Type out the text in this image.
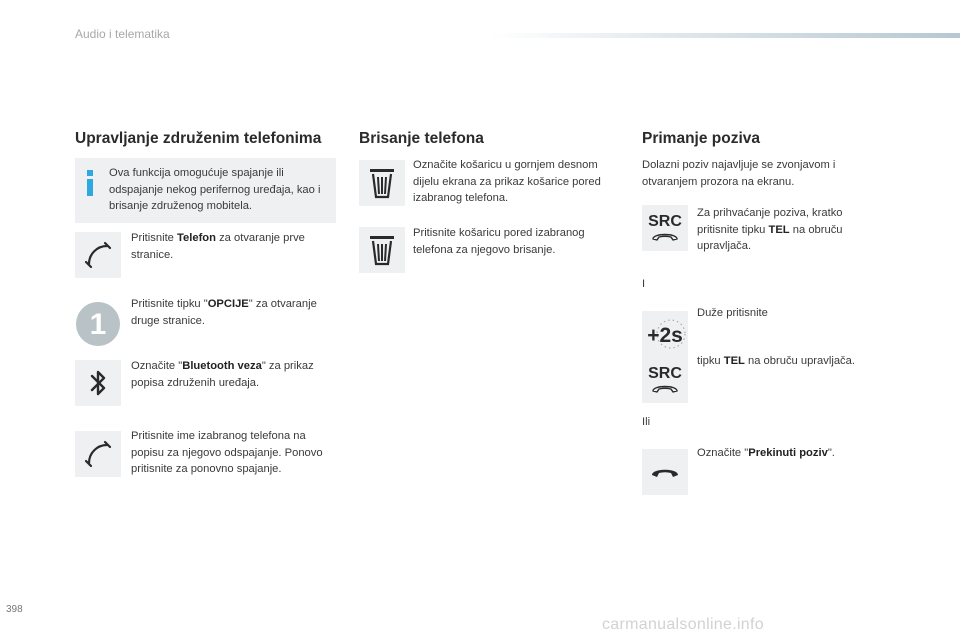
Audio i telematika
Upravljanje združenim telefonima
Ova funkcija omogućuje spajanje ili odspajanje nekog perifernog uređaja, kao i brisanje združenog mobitela.
Pritisnite Telefon za otvaranje prve stranice.
1
Pritisnite tipku "OPCIJE" za otvaranje druge stranice.
Označite "Bluetooth veza" za prikaz popisa združenih uređaja.
Pritisnite ime izabranog telefona na popisu za njegovo odspajanje. Ponovo pritisnite za ponovno spajanje.
Brisanje telefona
Označite košaricu u gornjem desnom dijelu ekrana za prikaz košarice pored izabranog telefona.
Pritisnite košaricu pored izabranog telefona za njegovo brisanje.
Primanje poziva
Dolazni poziv najavljuje se zvonjavom i otvaranjem prozora na ekranu.
SRC Za prihvaćanje poziva, kratko pritisnite tipku TEL na obruču upravljača.
I
+2s
Duže pritisnite
SRC
tipku TEL na obruču upravljača.
Ili
Označite "Prekinuti poziv".
398
carmanualsonline.info
